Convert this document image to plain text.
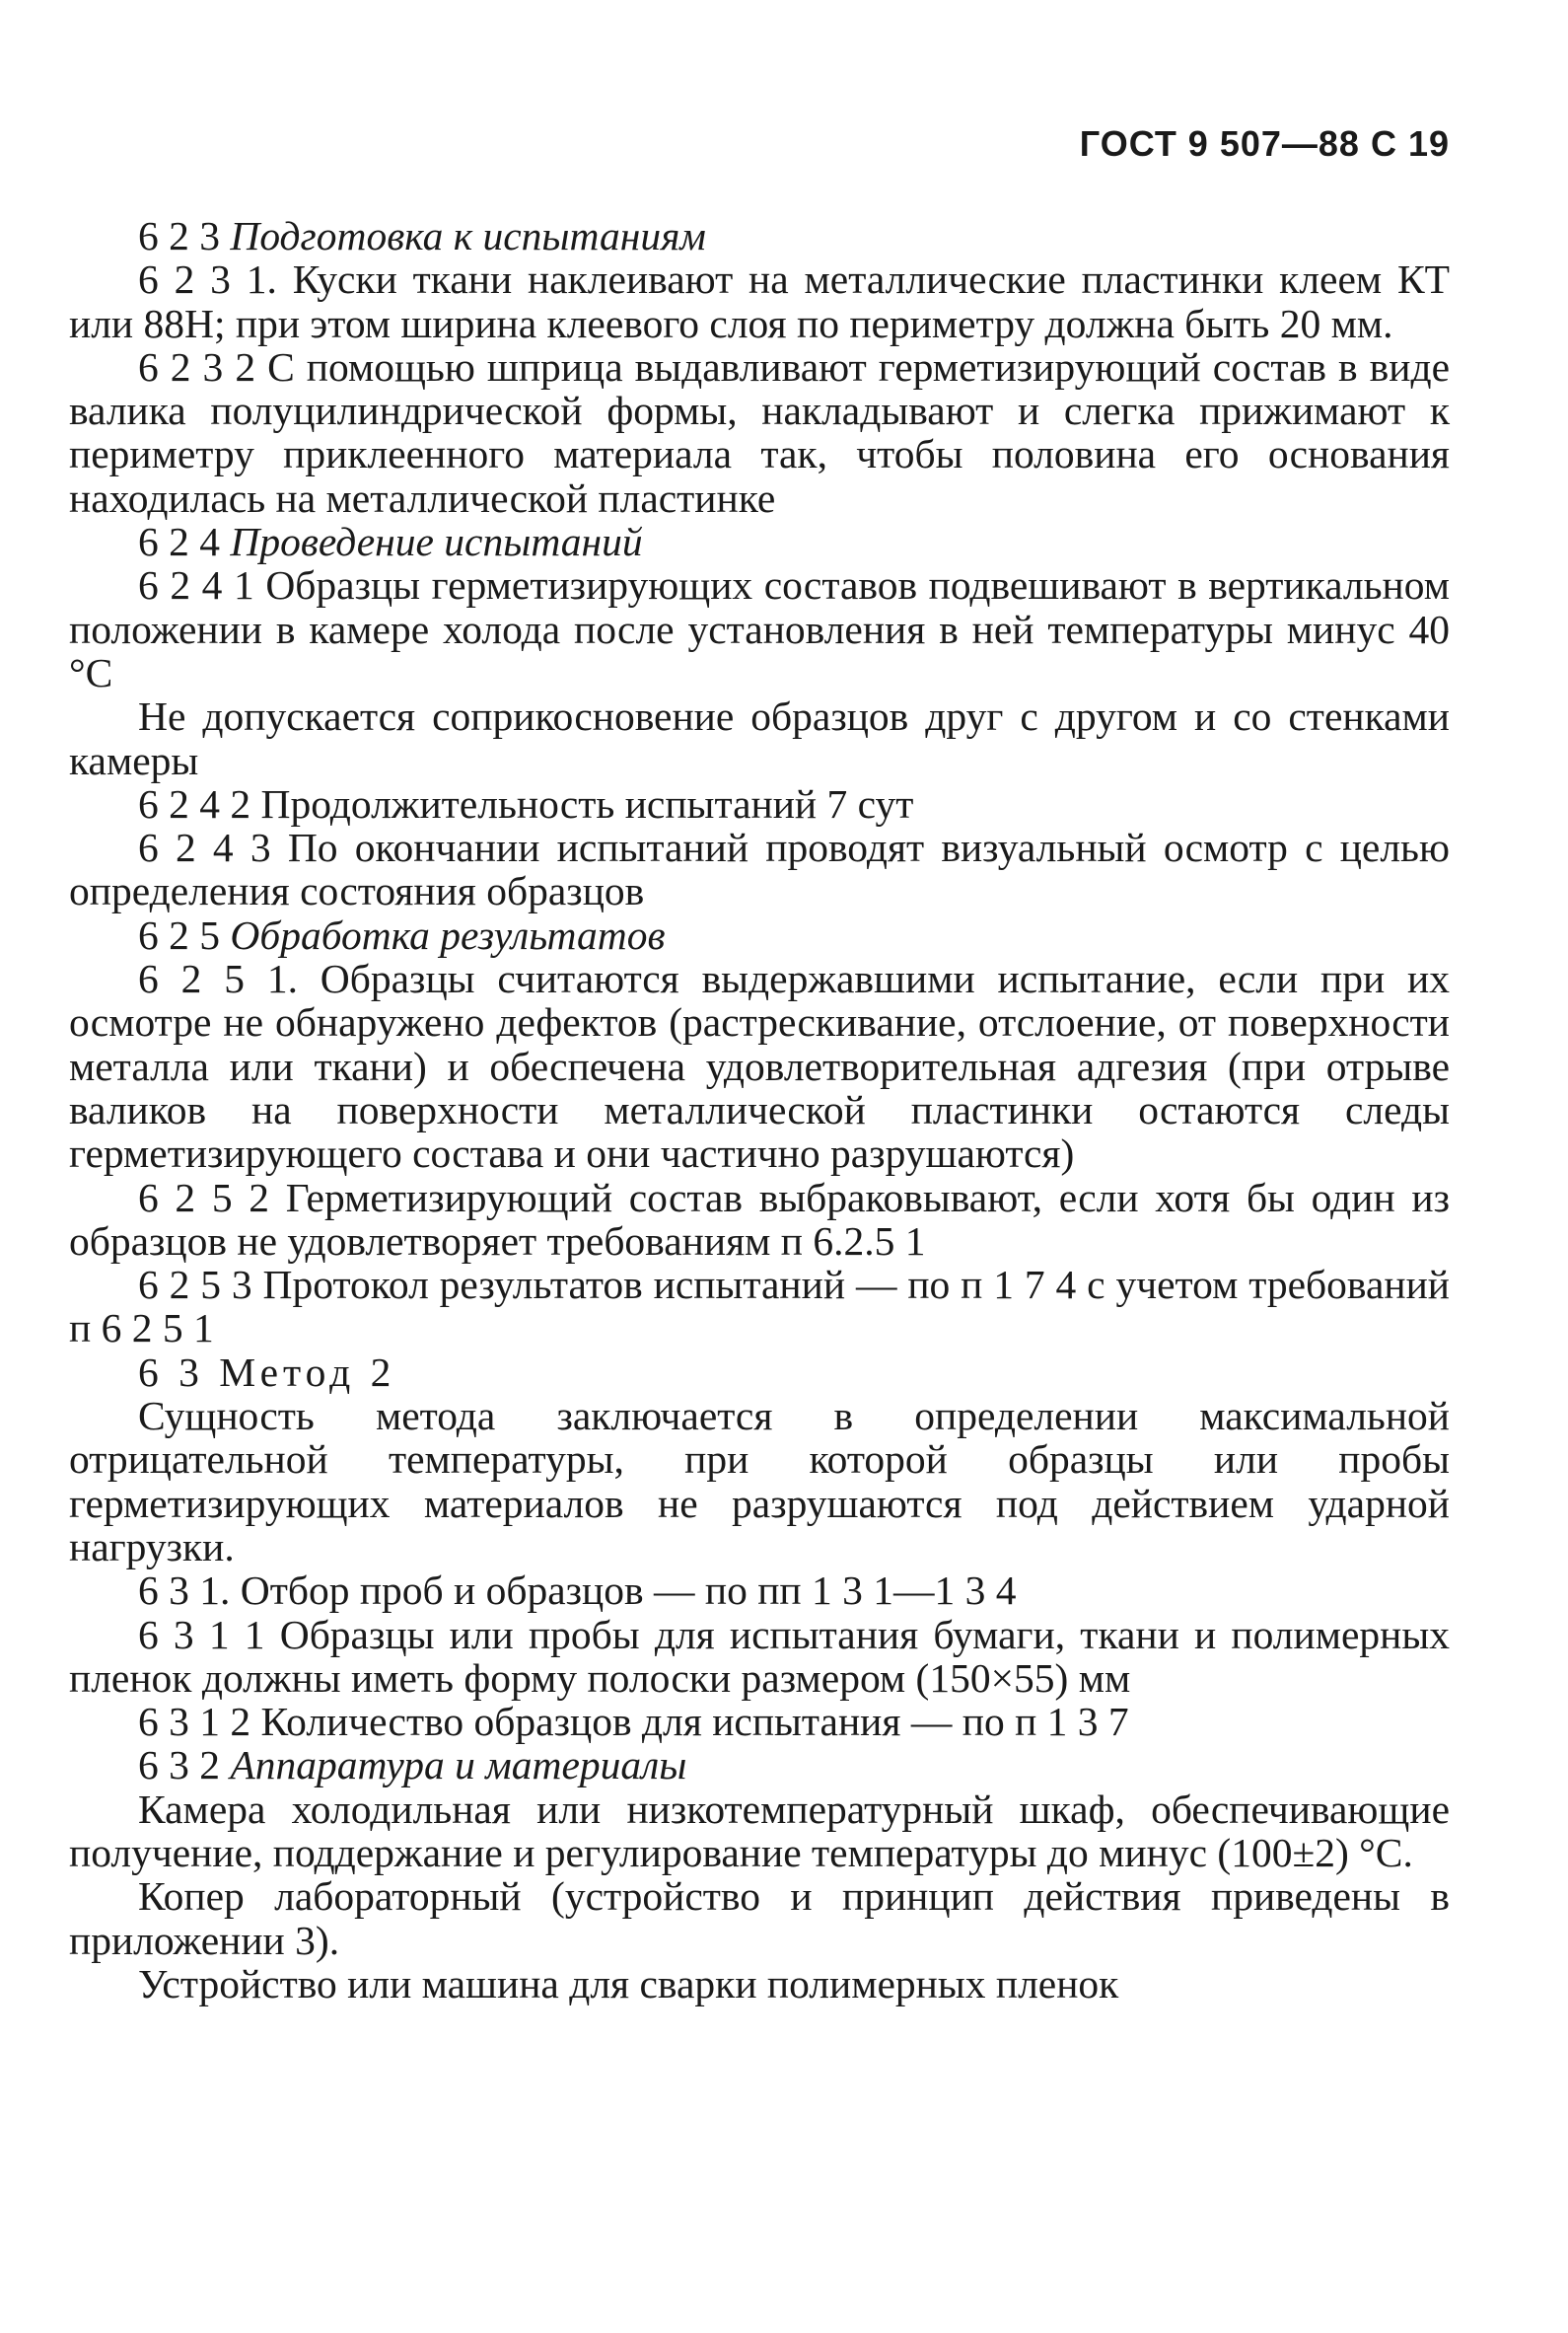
ГОСТ 9 507—88 С 19

6 2 3 Подготовка к испытаниям

6 2 3 1. Куски ткани наклеивают на металлические пластинки клеем КТ или 88Н; при этом ширина клеевого слоя по периметру должна быть 20 мм.

6 2 3 2 С помощью шприца выдавливают герметизирующий состав в виде валика полуцилиндрической формы, накладывают и слегка прижимают к периметру приклеенного материала так, чтобы половина его основания находилась на металлической пластинке

6 2 4 Проведение испытаний

6 2 4 1 Образцы герметизирующих составов подвешивают в вертикальном положении в камере холода после установления в ней температуры минус 40 °С

Не допускается соприкосновение образцов друг с другом и со стенками камеры

6 2 4 2 Продолжительность испытаний 7 сут

6 2 4 3 По окончании испытаний проводят визуальный осмотр с целью определения состояния образцов

6 2 5 Обработка результатов

6 2 5 1. Образцы считаются выдержавшими испытание, если при их осмотре не обнаружено дефектов (растрескивание, отслоение, от поверхности металла или ткани) и обеспечена удовлетворительная адгезия (при отрыве валиков на поверхности металлической пластинки остаются следы герметизирующего состава и они частично разрушаются)

6 2 5 2 Герметизирующий состав выбраковывают, если хотя бы один из образцов не удовлетворяет требованиям п 6.2.5 1

6 2 5 3 Протокол результатов испытаний — по п 1 7 4 с учетом требований п 6 2 5 1

6 3 Метод 2

Сущность метода заключается в определении максимальной отрицательной температуры, при которой образцы или пробы герметизирующих материалов не разрушаются под действием ударной нагрузки.

6 3 1. Отбор проб и образцов — по пп 1 3 1—1 3 4

6 3 1 1 Образцы или пробы для испытания бумаги, ткани и полимерных пленок должны иметь форму полоски размером (150×55) мм

6 3 1 2 Количество образцов для испытания — по п 1 3 7

6 3 2 Аппаратура и материалы

Камера холодильная или низкотемпературный шкаф, обеспечивающие получение, поддержание и регулирование температуры до минус (100±2) °С.

Копер лабораторный (устройство и принцип действия приведены в приложении 3).

Устройство или машина для сварки полимерных пленок
